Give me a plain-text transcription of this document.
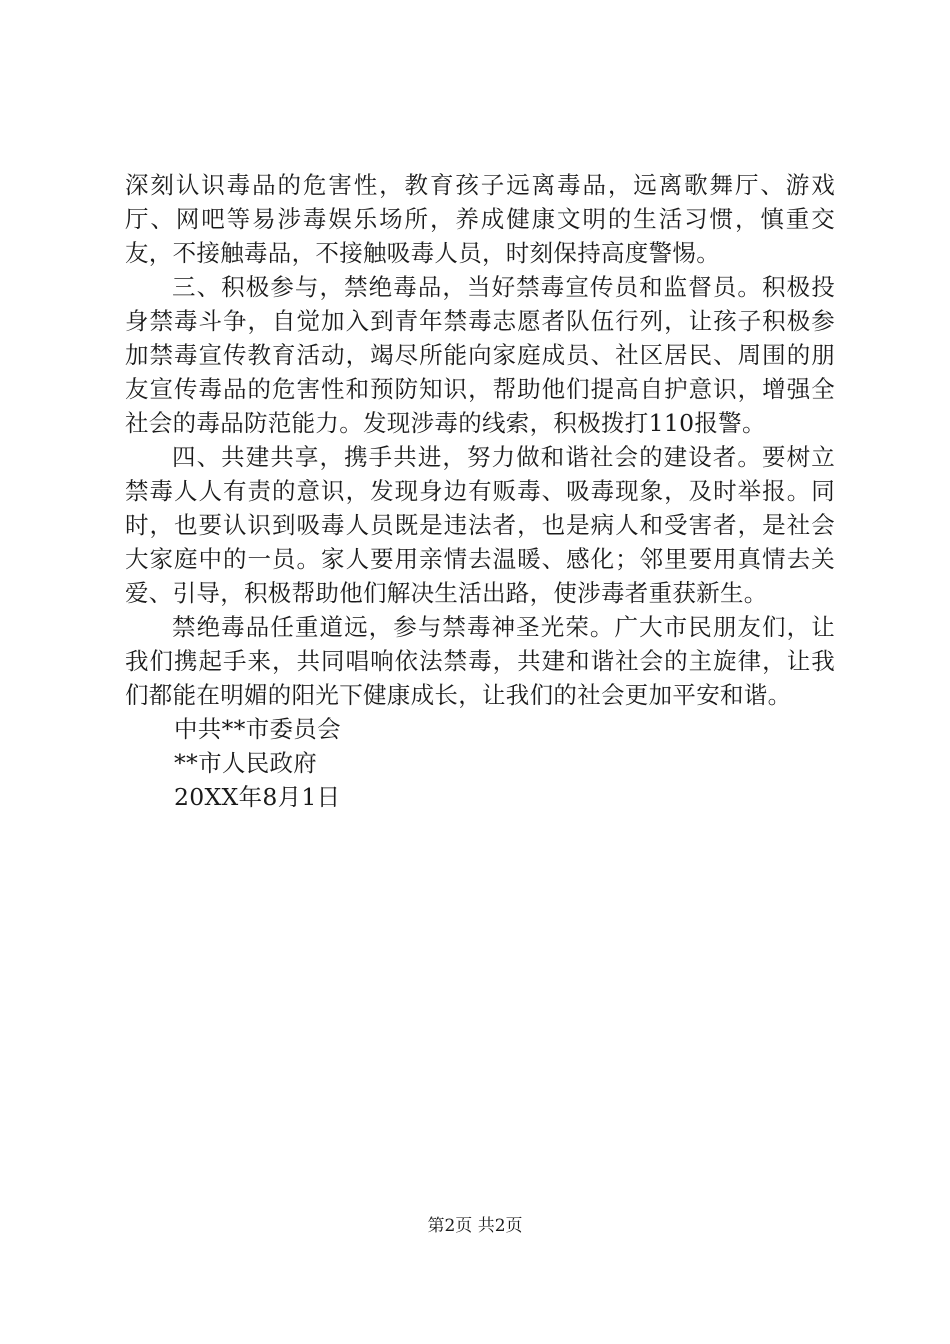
深刻认识毒品的危害性，教育孩子远离毒品，远离歌舞厅、游戏厅、网吧等易涉毒娱乐场所，养成健康文明的生活习惯，慎重交友，不接触毒品，不接触吸毒人员，时刻保持高度警惕。

三、积极参与，禁绝毒品，当好禁毒宣传员和监督员。积极投身禁毒斗争，自觉加入到青年禁毒志愿者队伍行列，让孩子积极参加禁毒宣传教育活动，竭尽所能向家庭成员、社区居民、周围的朋友宣传毒品的危害性和预防知识，帮助他们提高自护意识，增强全社会的毒品防范能力。发现涉毒的线索，积极拨打110报警。

四、共建共享，携手共进，努力做和谐社会的建设者。要树立禁毒人人有责的意识，发现身边有贩毒、吸毒现象，及时举报。同时，也要认识到吸毒人员既是违法者，也是病人和受害者，是社会大家庭中的一员。家人要用亲情去温暖、感化；邻里要用真情去关爱、引导，积极帮助他们解决生活出路，使涉毒者重获新生。

禁绝毒品任重道远，参与禁毒神圣光荣。广大市民朋友们，让我们携起手来，共同唱响依法禁毒，共建和谐社会的主旋律，让我们都能在明媚的阳光下健康成长，让我们的社会更加平安和谐。

中共**市委员会

**市人民政府

20XX年8月1日

第2页 共2页
